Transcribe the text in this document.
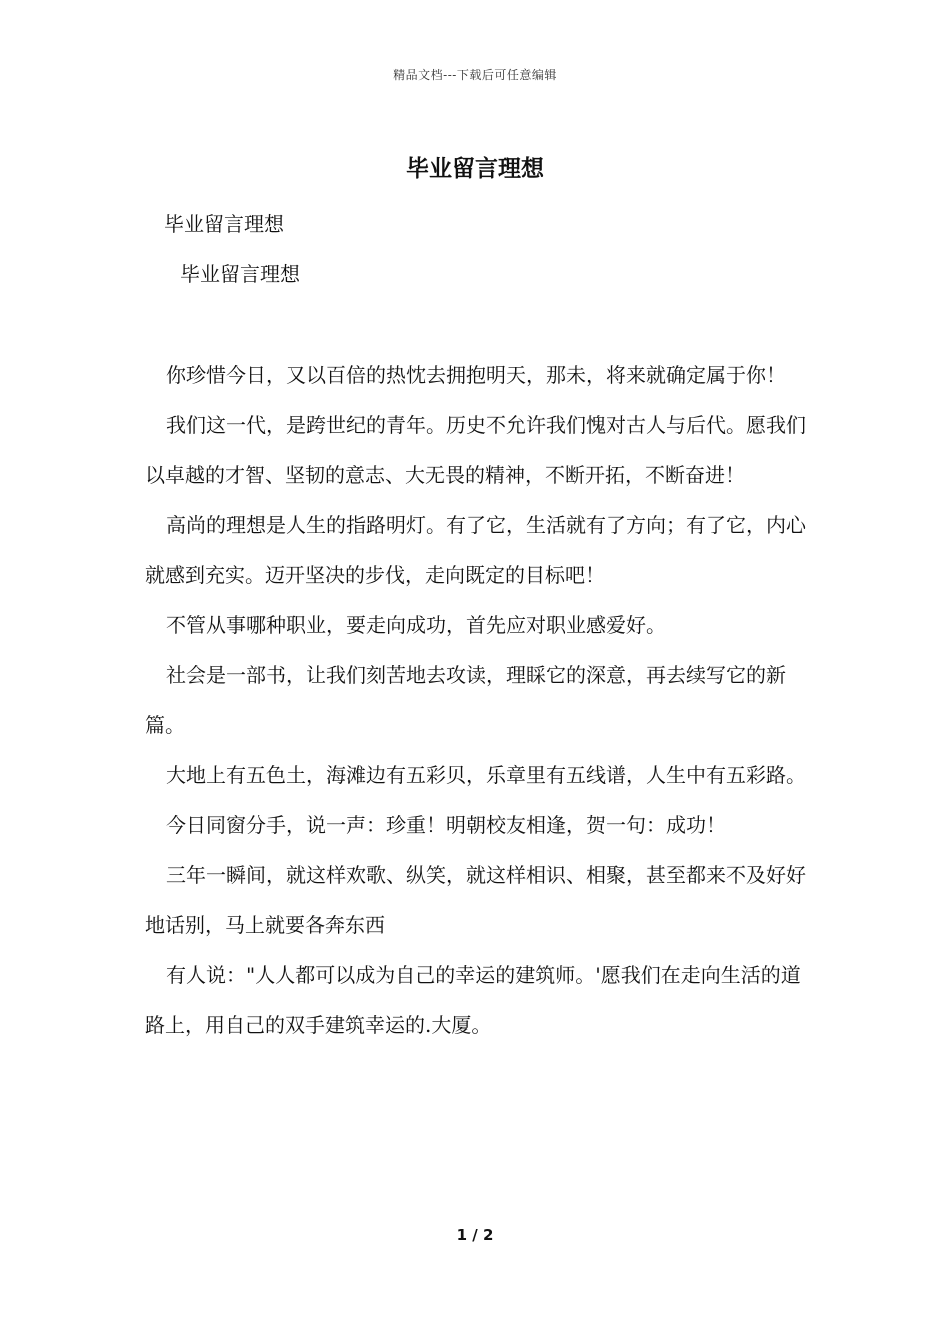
精品文档---下载后可任意编辑
毕业留言理想

毕业留言理想

毕业留言理想

你珍惜今日，又以百倍的热忱去拥抱明天，那未，将来就确定属于你！

我们这一代，是跨世纪的青年。历史不允许我们愧对古人与后代。愿我们以卓越的才智、坚韧的意志、大无畏的精神，不断开拓，不断奋进！

高尚的理想是人生的指路明灯。有了它，生活就有了方向；有了它，内心就感到充实。迈开坚决的步伐，走向既定的目标吧！

不管从事哪种职业，要走向成功，首先应对职业感爱好。

社会是一部书，让我们刻苦地去攻读，理睬它的深意，再去续写它的新篇。

大地上有五色土，海滩边有五彩贝，乐章里有五线谱，人生中有五彩路。

今日同窗分手，说一声：珍重！明朝校友相逢，贺一句：成功！

三年一瞬间，就这样欢歌、纵笑，就这样相识、相聚，甚至都来不及好好地话别，马上就要各奔东西

有人说："人人都可以成为自己的幸运的建筑师。'愿我们在走向生活的道路上，用自己的双手建筑幸运的.大厦。

1 / 2
